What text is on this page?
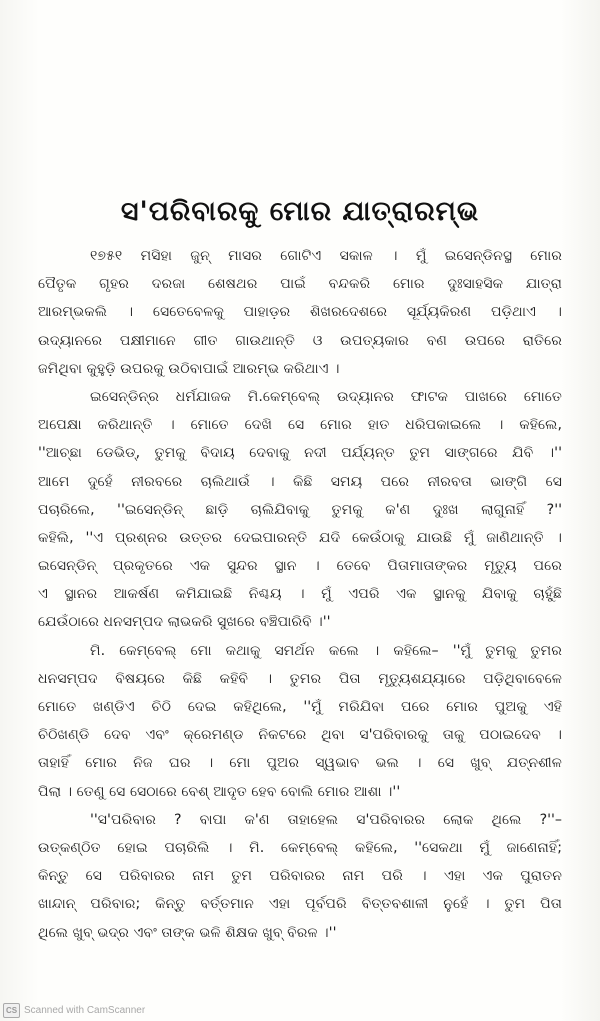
ସ'ପରିବାରକୁ ମୋର ଯାତ୍ରାରମ୍ଭ
୧୭୫୧ ମସିହା ଜୁନ୍ ମାସର ଗୋଟିଏ ସକାଳ । ମୁଁ ଇସେନ୍‌ଡିନସ୍ଥ ମୋର
ପୈତୃକ ଗୃହର ଦରଜା ଶେଷଥର ପାଇଁ ବନ୍ଦକରି ମୋର ଦୁଃସାହସିକ ଯାତ୍ରା
ଆରମ୍ଭକଲି । ସେତେବେଳକୁ ପାହାଡ଼ର ଶିଖରଦେଶରେ ସୂର୍ଯ୍ୟକିରଣ ପଡ଼ିଥାଏ ।
ଉଦ୍ୟାନରେ ପକ୍ଷୀମାନେ ଗୀତ ଗାଉଥାନ୍ତି ଓ ଉପତ୍ୟକାର ବଣ ଉପରେ ରାତିରେ
ଜମିଥିବା କୁହୁଡ଼ି ଉପରକୁ ଉଠିବାପାଇଁ ଆରମ୍ଭ କରିଥାଏ ।
ଇସେନ୍‌ଡିନ୍‌ର ଧର୍ମଯାଜକ ମି.କେମ୍ବେଲ୍ ଉଦ୍ୟାନର ଫାଟକ ପାଖରେ ମୋତେ
ଅପେକ୍ଷା କରିଥାନ୍ତି । ମୋତେ ଦେଖି ସେ ମୋର ହାତ ଧରିପକାଇଲେ । କହିଲେ,
''ଆଚ୍ଛା ଡେଭିଡ୍, ତୁମକୁ ବିଦାୟ ଦେବାକୁ ନଦୀ ପର୍ଯ୍ୟନ୍ତ ତୁମ ସାଙ୍ଗରେ ଯିବି ।''
ଆମେ ଦୁହେଁ ନୀରବରେ ଚାଲିଥାଉଁ । କିଛି ସମୟ ପରେ ନୀରବତା ଭାଙ୍ଗି ସେ
ପଚାରିଲେ, ''ଇସେନ୍‌ଡିନ୍ ଛାଡ଼ି ଚାଲିଯିବାକୁ ତୁମକୁ କ'ଣ ଦୁଃଖ ଲାଗୁନାହିଁ ?''
କହିଲି, ''ଏ ପ୍ରଶ୍ନର ଉତ୍ତର ଦେଇପାରନ୍ତି ଯଦି କେଉଁଠାକୁ ଯାଉଛି ମୁଁ ଜାଣିଥାନ୍ତି ।
ଇସେନ୍‌ଡିନ୍ ପ୍ରକୃତରେ ଏକ ସୁନ୍ଦର ସ୍ଥାନ । ତେବେ ପିତାମାତାଙ୍କର ମୃତ୍ୟୁ ପରେ
ଏ ସ୍ଥାନର ଆକର୍ଷଣ କମିଯାଇଛି ନିଶ୍ଚୟ । ମୁଁ ଏପରି ଏକ ସ୍ଥାନକୁ ଯିବାକୁ ଚାହୁଁଛି
ଯେଉଁଠାରେ ଧନସମ୍ପଦ ଲାଭକରି ସୁଖରେ ବଞ୍ଚିପାରିବି ।''
ମି. କେମ୍ବେଲ୍ ମୋ କଥାକୁ ସମର୍ଥନ କଲେ । କହିଲେ– ''ମୁଁ ତୁମକୁ ତୁମର
ଧନସମ୍ପଦ ବିଷୟରେ କିଛି କହିବି । ତୁମର ପିତା ମୃତ୍ୟୁଶଯ୍ୟାରେ ପଡ଼ିଥିବାବେଳେ
ମୋତେ ଖଣ୍ଡିଏ ଚିଠି ଦେଇ କହିଥିଲେ, ''ମୁଁ ମରିଯିବା ପରେ ମୋର ପୁଅକୁ ଏହି
ଚିଠିଖଣ୍ଡି ଦେବ ଏବଂ କ୍ରେମଣ୍ଡ ନିକଟରେ ଥିବା ସ'ପରିବାରକୁ ତାକୁ ପଠାଇଦେବ ।
ତାହାହିଁ ମୋର ନିଜ ଘର । ମୋ ପୁଅର ସ୍ୱଭାବ ଭଲ । ସେ ଖୁବ୍ ଯତ୍ନଶୀଳ
ପିଲା । ତେଣୁ ସେ ସେଠାରେ ବେଶ୍ ଆଦୃତ ହେବ ବୋଲି ମୋର ଆଶା ।''
''ସ'ପରିବାର ? ବାପା କ'ଣ ତାହାହେଲ ସ'ପରିବାରର ଲୋକ ଥିଲେ ?''–
ଉତ୍କଣ୍ଠିତ ହୋଇ ପଚାରିଲି । ମି. କେମ୍ବେଲ୍ କହିଲେ, ''ସେକଥା ମୁଁ ଜାଣେନାହିଁ;
କିନ୍ତୁ ସେ ପରିବାରର ନାମ ତୁମ ପରିବାରର ନାମ ପରି । ଏହା ଏକ ପୁରାତନ
ଖାନ୍ଦାନ୍ ପରିବାର; କିନ୍ତୁ ବର୍ତ୍ତମାନ ଏହା ପୂର୍ବପରି ବିତ୍ତବଶାଳୀ ନୁହେଁ । ତୁମ ପିତା
ଥିଲେ ଖୁବ୍ ଭଦ୍ର ଏବଂ ତାଙ୍କ ଭଳି ଶିକ୍ଷକ ଖୁବ୍ ବିରଳ ।''
CS Scanned with CamScanner
